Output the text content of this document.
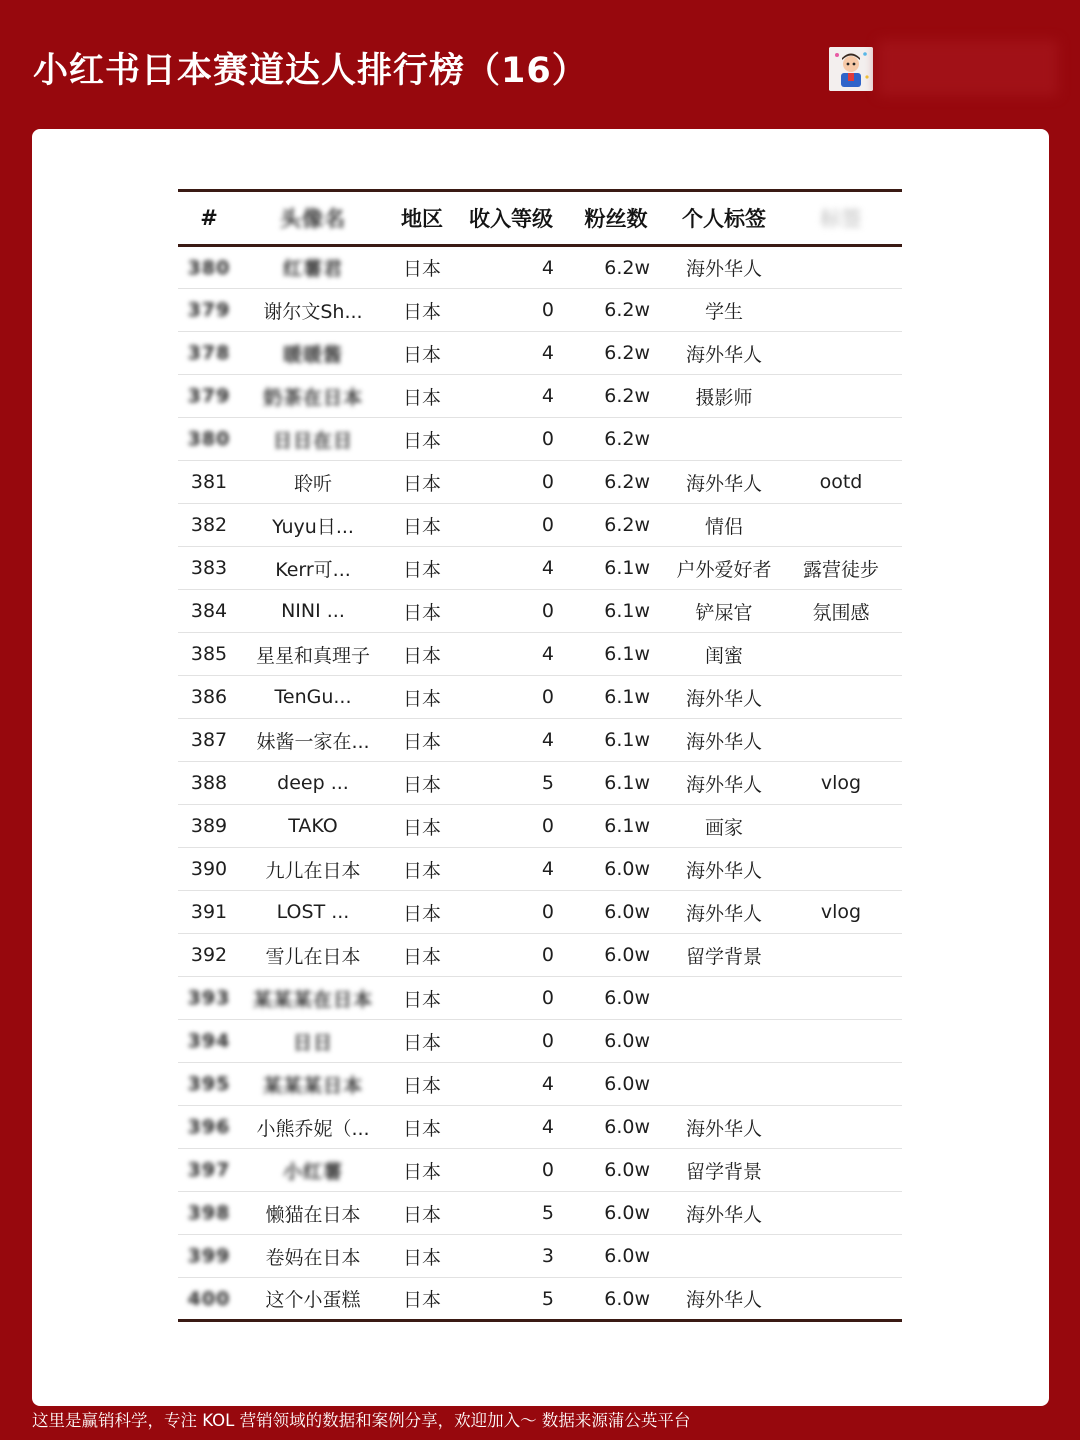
小红书日本赛道达人排行榜（16）
#	头像名	地区	收入等级	粉丝数	个人标签	标签
380	红薯君	日本	4	6.2w	海外华人	
379	谢尔文Sh...	日本	0	6.2w	学生	
378	暖暖酱	日本	4	6.2w	海外华人	
379	奶茶在日本	日本	4	6.2w	摄影师	
380	日日在日	日本	0	6.2w		
381	聆听	日本	0	6.2w	海外华人	ootd
382	Yuyu日...	日本	0	6.2w	情侣	
383	Kerr可...	日本	4	6.1w	户外爱好者	露营徒步
384	NINI ...	日本	0	6.1w	铲屎官	氛围感
385	星星和真理子	日本	4	6.1w	闺蜜	
386	TenGu...	日本	0	6.1w	海外华人	
387	妹酱一家在...	日本	4	6.1w	海外华人	
388	deep ...	日本	5	6.1w	海外华人	vlog
389	TAKO	日本	0	6.1w	画家	
390	九儿在日本	日本	4	6.0w	海外华人	
391	LOST ...	日本	0	6.0w	海外华人	vlog
392	雪儿在日本	日本	0	6.0w	留学背景	
393	某某某在日本	日本	0	6.0w		
394	日日	日本	0	6.0w		
395	某某某日本	日本	4	6.0w		
396	小熊乔妮（...	日本	4	6.0w	海外华人	
397	小红薯	日本	0	6.0w	留学背景	
398	懒猫在日本	日本	5	6.0w	海外华人	
399	卷妈在日本	日本	3	6.0w		
400	这个小蛋糕	日本	5	6.0w	海外华人	
这里是赢销科学，专注 KOL 营销领域的数据和案例分享，欢迎加入～ 数据来源蒲公英平台
